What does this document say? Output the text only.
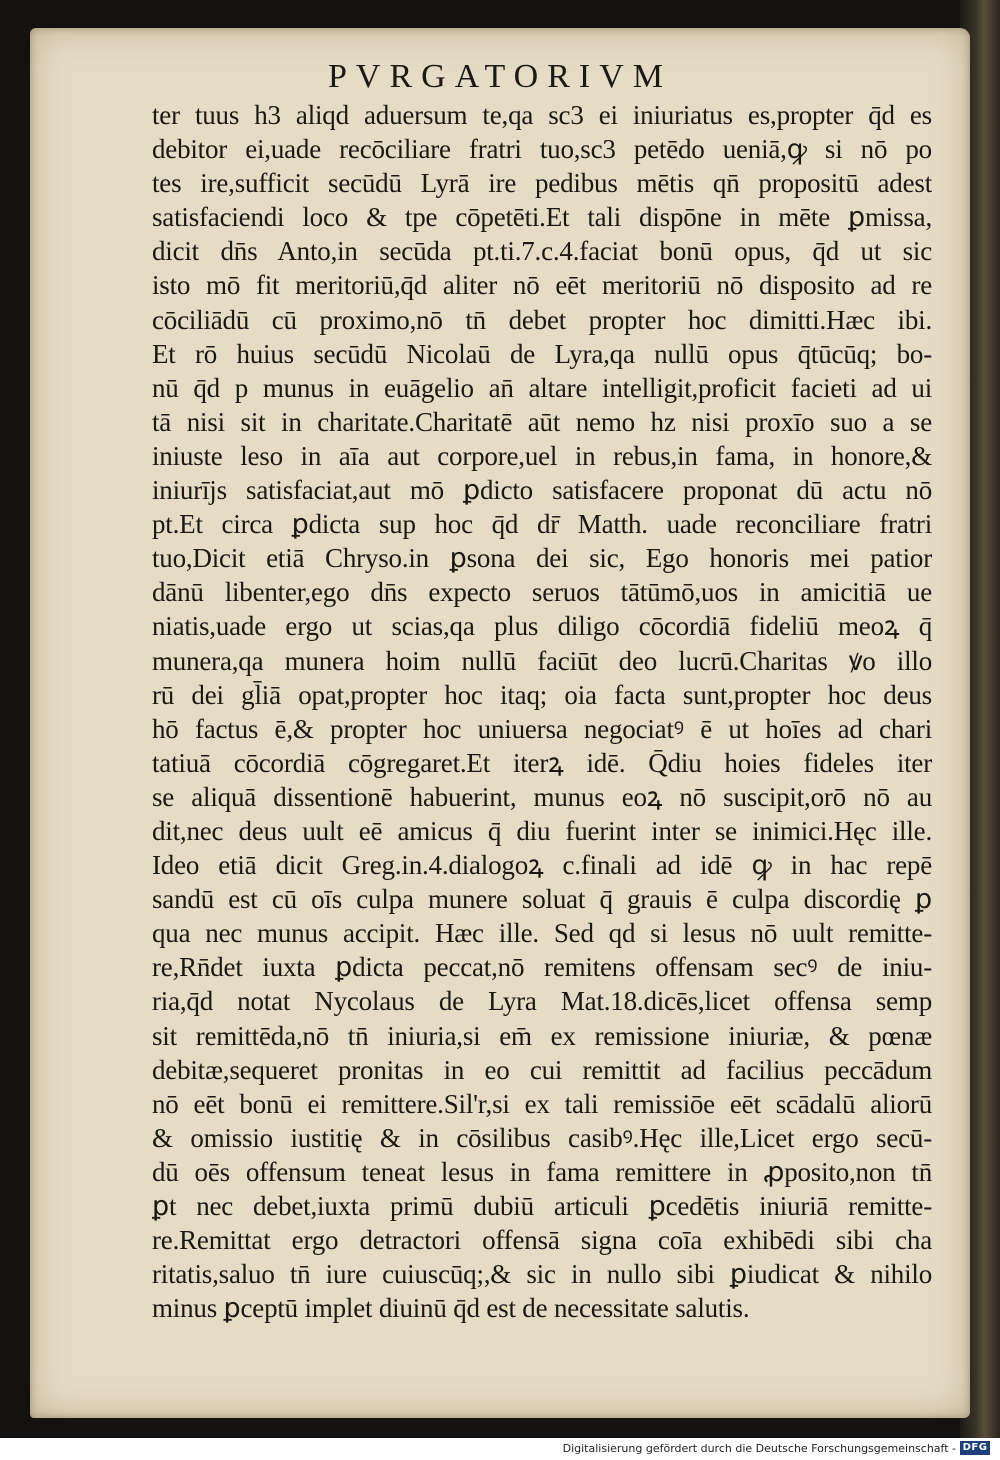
PVRGATORIVM
ter tuus h3 aliqd aduersum te,qa sc3 ei iniuriatus es,propter q̄d es
debitor ei,uade recōciliare fratri tuo,sc3 petēdo ueniā,ꝙ si nō po
tes ire,sufficit secūdū Lyrā ire pedibus mētis qn̄ propositū adest
satisfaciendi loco & tpe cōpetēti.Et tali dispōne in mēte ꝑmissa,
dicit dn̄s Anto,in secūda pt.ti.7.c.4.faciat bonū opus, q̄d ut sic
isto mō fit meritoriū,q̄d aliter nō eēt meritoriū nō disposito ad re
cōciliādū cū proximo,nō tn̄ debet propter hoc dimitti.Hæc ibi.
Et rō huius secūdū Nicolaū de Lyra,qa nullū opus q̄tūcūq; bo-
nū q̄d p munus in euāgelio an̄ altare intelligit,proficit facieti ad ui
tā nisi sit in charitate.Charitatē aūt nemo hz nisi proxīo suo a se
iniuste leso in aīa aut corpore,uel in rebus,in fama, in honore,&
iniurījs satisfaciat,aut mō ꝑdicto satisfacere proponat dū actu nō
pt.Et circa ꝑdicta sup hoc q̄d dr̄ Matth. uade reconciliare fratri
tuo,Dicit etiā Chryso.in ꝑsona dei sic, Ego honoris mei patior
dānū libenter,ego dn̄s expecto seruos tātūmō,uos in amicitiā ue
niatis,uade ergo ut scias,qa plus diligo cōcordiā fideliū meoꝝ q̄
munera,qa munera hoim nullū faciūt deo lucrū.Charitas ꝟo illo
rū dei gl̄iā opat,propter hoc itaq; oia facta sunt,propter hoc deus
hō factus ē,& propter hoc uniuersa negociatꝰ ē ut hoīes ad chari
tatiuā cōcordiā cōgregaret.Et iterꝝ idē. Q̄diu hoies fideles iter
se aliquā dissentionē habuerint, munus eoꝝ nō suscipit,orō nō au
dit,nec deus uult eē amicus q̄ diu fuerint inter se inimici.Hęc ille.
Ideo etiā dicit Greg.in.4.dialogoꝝ c.finali ad idē ꝙ in hac repē
sandū est cū oīs culpa munere soluat q̄ grauis ē culpa discordię ꝑ
qua nec munus accipit. Hæc ille. Sed qd si lesus nō uult remitte-
re,Rn̄det iuxta ꝑdicta peccat,nō remitens offensam secꝰ de iniu-
ria,q̄d notat Nycolaus de Lyra Mat.18.dicēs,licet offensa semp
sit remittēda,nō tn̄ iniuria,si em̄ ex remissione iniuriæ, & pœnæ
debitæ,sequeret pronitas in eo cui remittit ad facilius peccādum
nō eēt bonū ei remittere.Sil'r,si ex tali remissiōe eēt scādalū aliorū
& omissio iustitię & in cōsilibus casibꝰ.Hęc ille,Licet ergo secū-
dū oēs offensum teneat lesus in fama remittere in ꝓposito,non tn̄
ꝑt nec debet,iuxta primū dubiū articuli ꝑcedētis iniuriā remitte-
re.Remittat ergo detractori offensā signa coīa exhibēdi sibi cha
ritatis,saluo tn̄ iure cuiuscūq;,& sic in nullo sibi ꝑiudicat & nihilo
minus ꝑceptū implet diuinū q̄d est de necessitate salutis.
Digitalisierung gefördert durch die Deutsche Forschungsgemeinschaft - DFG
